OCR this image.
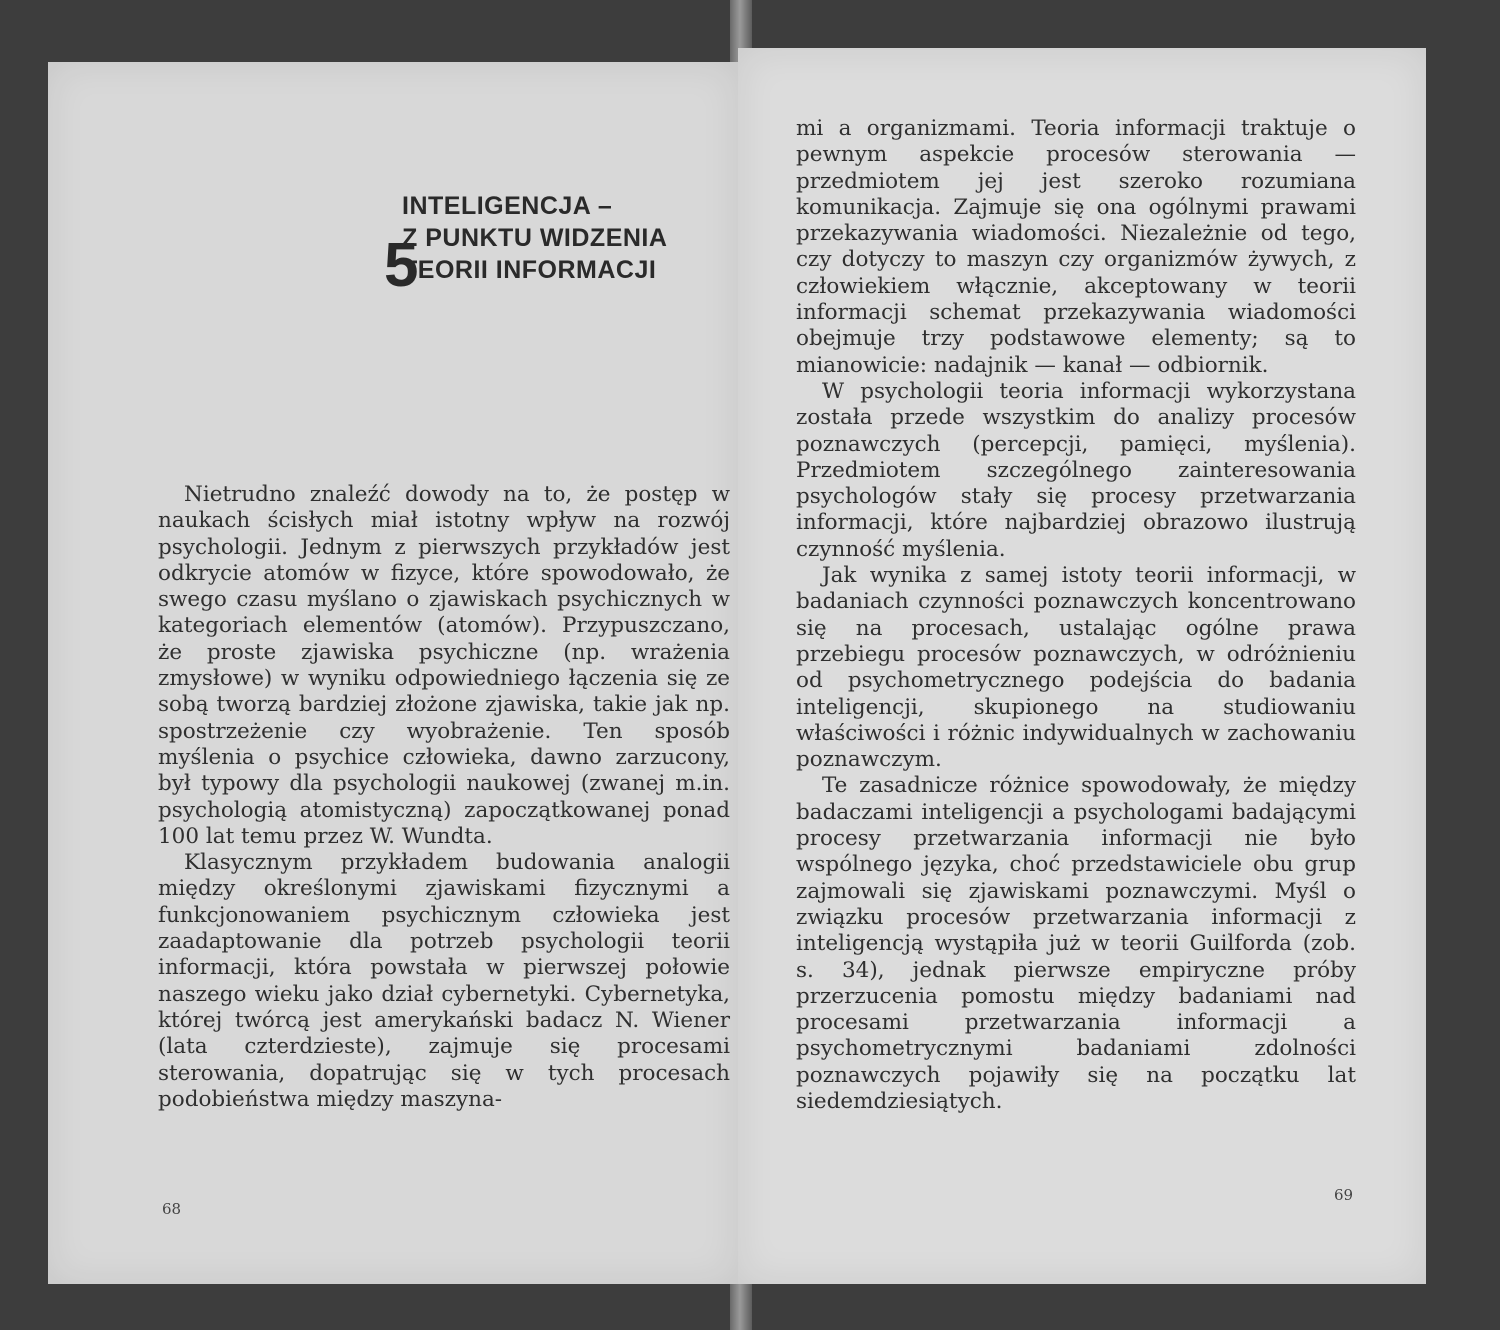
5
INTELIGENCJA –
Z PUNKTU WIDZENIA
TEORII INFORMACJI

Nietrudno znaleźć dowody na to, że postęp w naukach ścisłych miał istotny wpływ na rozwój psychologii. Jednym z pierwszych przykładów jest odkrycie atomów w fizyce, które spowodowało, że swego czasu myślano o zjawiskach psychicznych w kategoriach elementów (atomów). Przypuszczano, że proste zjawiska psychiczne (np. wrażenia zmysłowe) w wyniku odpowiedniego łączenia się ze sobą tworzą bardziej złożone zjawiska, takie jak np. spostrzeżenie czy wyobrażenie. Ten sposób myślenia o psychice człowieka, dawno zarzucony, był typowy dla psychologii naukowej (zwanej m.in. psychologią atomistyczną) zapoczątkowanej ponad 100 lat temu przez W. Wundta.

Klasycznym przykładem budowania analogii między określonymi zjawiskami fizycznymi a funkcjonowaniem psychicznym człowieka jest zaadaptowanie dla potrzeb psychologii teorii informacji, która powstała w pierwszej połowie naszego wieku jako dział cybernetyki. Cybernetyka, której twórcą jest amerykański badacz N. Wiener (lata czterdzieste), zajmuje się procesami sterowania, dopatrując się w tych procesach podobieństwa między maszyna-

68

mi a organizmami. Teoria informacji traktuje o pewnym aspekcie procesów sterowania — przedmiotem jej jest szeroko rozumiana komunikacja. Zajmuje się ona ogólnymi prawami przekazywania wiadomości. Niezależnie od tego, czy dotyczy to maszyn czy organizmów żywych, z człowiekiem włącznie, akceptowany w teorii informacji schemat przekazywania wiadomości obejmuje trzy podstawowe elementy; są to mianowicie: nadajnik — kanał — odbiornik.

W psychologii teoria informacji wykorzystana została przede wszystkim do analizy procesów poznawczych (percepcji, pamięci, myślenia). Przedmiotem szczególnego zainteresowania psychologów stały się procesy przetwarzania informacji, które najbardziej obrazowo ilustrują czynność myślenia.

Jak wynika z samej istoty teorii informacji, w badaniach czynności poznawczych koncentrowano się na procesach, ustalając ogólne prawa przebiegu procesów poznawczych, w odróżnieniu od psychometrycznego podejścia do badania inteligencji, skupionego na studiowaniu właściwości i różnic indywidualnych w zachowaniu poznawczym.

Te zasadnicze różnice spowodowały, że między badaczami inteligencji a psychologami badającymi procesy przetwarzania informacji nie było wspólnego języka, choć przedstawiciele obu grup zajmowali się zjawiskami poznawczymi. Myśl o związku procesów przetwarzania informacji z inteligencją wystąpiła już w teorii Guilforda (zob. s. 34), jednak pierwsze empiryczne próby przerzucenia pomostu między badaniami nad procesami przetwarzania informacji a psychometrycznymi badaniami zdolności poznawczych pojawiły się na początku lat siedemdziesiątych.

69
